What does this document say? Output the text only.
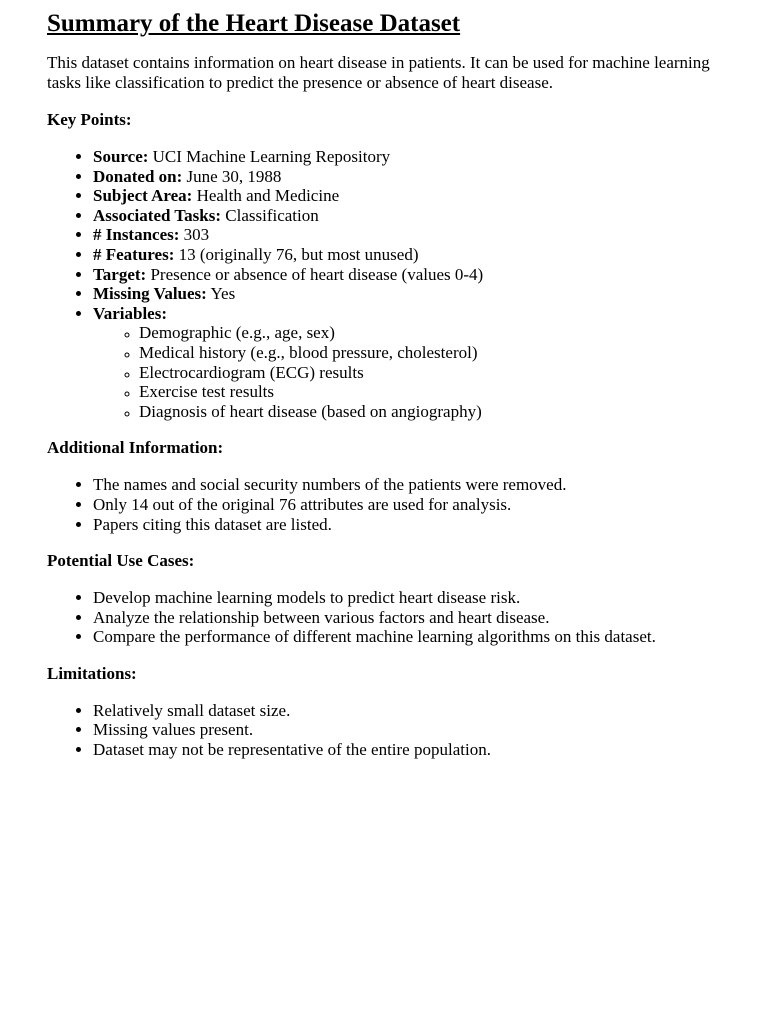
Summary of the Heart Disease Dataset

This dataset contains information on heart disease in patients. It can be used for machine learning tasks like classification to predict the presence or absence of heart disease.

Key Points:
• Source: UCI Machine Learning Repository
• Donated on: June 30, 1988
• Subject Area: Health and Medicine
• Associated Tasks: Classification
• # Instances: 303
• # Features: 13 (originally 76, but most unused)
• Target: Presence or absence of heart disease (values 0-4)
• Missing Values: Yes
• Variables:
◦ Demographic (e.g., age, sex)
◦ Medical history (e.g., blood pressure, cholesterol)
◦ Electrocardiogram (ECG) results
◦ Exercise test results
◦ Diagnosis of heart disease (based on angiography)
Additional Information:
• The names and social security numbers of the patients were removed.
• Only 14 out of the original 76 attributes are used for analysis.
• Papers citing this dataset are listed.
Potential Use Cases:
• Develop machine learning models to predict heart disease risk.
• Analyze the relationship between various factors and heart disease.
• Compare the performance of different machine learning algorithms on this dataset.
Limitations:
• Relatively small dataset size.
• Missing values present.
• Dataset may not be representative of the entire population.
